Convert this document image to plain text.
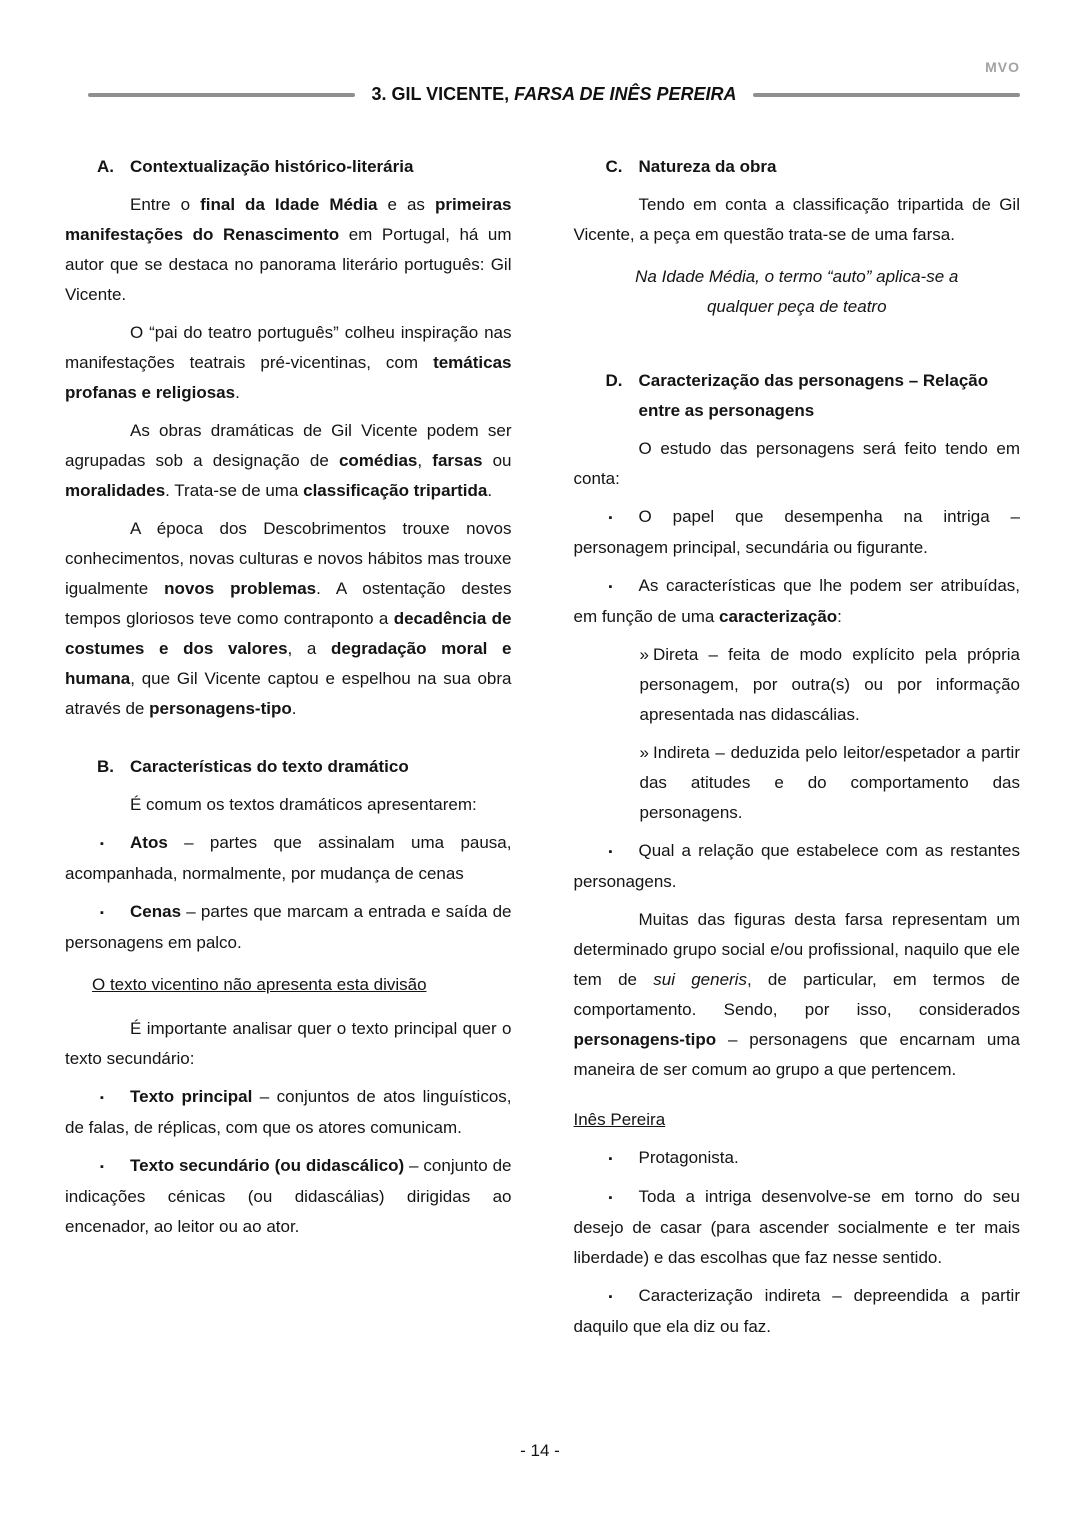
MVO
3. GIL VICENTE, FARSA DE INÊS PEREIRA
A. Contextualização histórico-literária
Entre o final da Idade Média e as primeiras manifestações do Renascimento em Portugal, há um autor que se destaca no panorama literário português: Gil Vicente.
O “pai do teatro português” colheu inspiração nas manifestações teatrais pré-vicentinas, com temáticas profanas e religiosas.
As obras dramáticas de Gil Vicente podem ser agrupadas sob a designação de comédias, farsas ou moralidades. Trata-se de uma classificação tripartida.
A época dos Descobrimentos trouxe novos conhecimentos, novas culturas e novos hábitos mas trouxe igualmente novos problemas. A ostentação destes tempos gloriosos teve como contraponto a decadência de costumes e dos valores, a degradação moral e humana, que Gil Vicente captou e espelhou na sua obra através de personagens-tipo.
B. Características do texto dramático
É comum os textos dramáticos apresentarem:
▪ Atos – partes que assinalam uma pausa, acompanhada, normalmente, por mudança de cenas
▪ Cenas – partes que marcam a entrada e saída de personagens em palco.
O texto vicentino não apresenta esta divisão
É importante analisar quer o texto principal quer o texto secundário:
▪ Texto principal – conjuntos de atos linguísticos, de falas, de réplicas, com que os atores comunicam.
▪ Texto secundário (ou didascálico) – conjunto de indicações cénicas (ou didascálias) dirigidas ao encenador, ao leitor ou ao ator.
C. Natureza da obra
Tendo em conta a classificação tripartida de Gil Vicente, a peça em questão trata-se de uma farsa.
Na Idade Média, o termo “auto” aplica-se a qualquer peça de teatro
D. Caracterização das personagens – Relação entre as personagens
O estudo das personagens será feito tendo em conta:
▪ O papel que desempenha na intriga – personagem principal, secundária ou figurante.
▪ As características que lhe podem ser atribuídas, em função de uma caracterização:
» Direta – feita de modo explícito pela própria personagem, por outra(s) ou por informação apresentada nas didascálias.
» Indireta – deduzida pelo leitor/espetador a partir das atitudes e do comportamento das personagens.
▪ Qual a relação que estabelece com as restantes personagens.
Muitas das figuras desta farsa representam um determinado grupo social e/ou profissional, naquilo que ele tem de sui generis, de particular, em termos de comportamento. Sendo, por isso, considerados personagens-tipo – personagens que encarnam uma maneira de ser comum ao grupo a que pertencem.
Inês Pereira
▪ Protagonista.
▪ Toda a intriga desenvolve-se em torno do seu desejo de casar (para ascender socialmente e ter mais liberdade) e das escolhas que faz nesse sentido.
▪ Caracterização indireta – depreendida a partir daquilo que ela diz ou faz.
- 14 -
